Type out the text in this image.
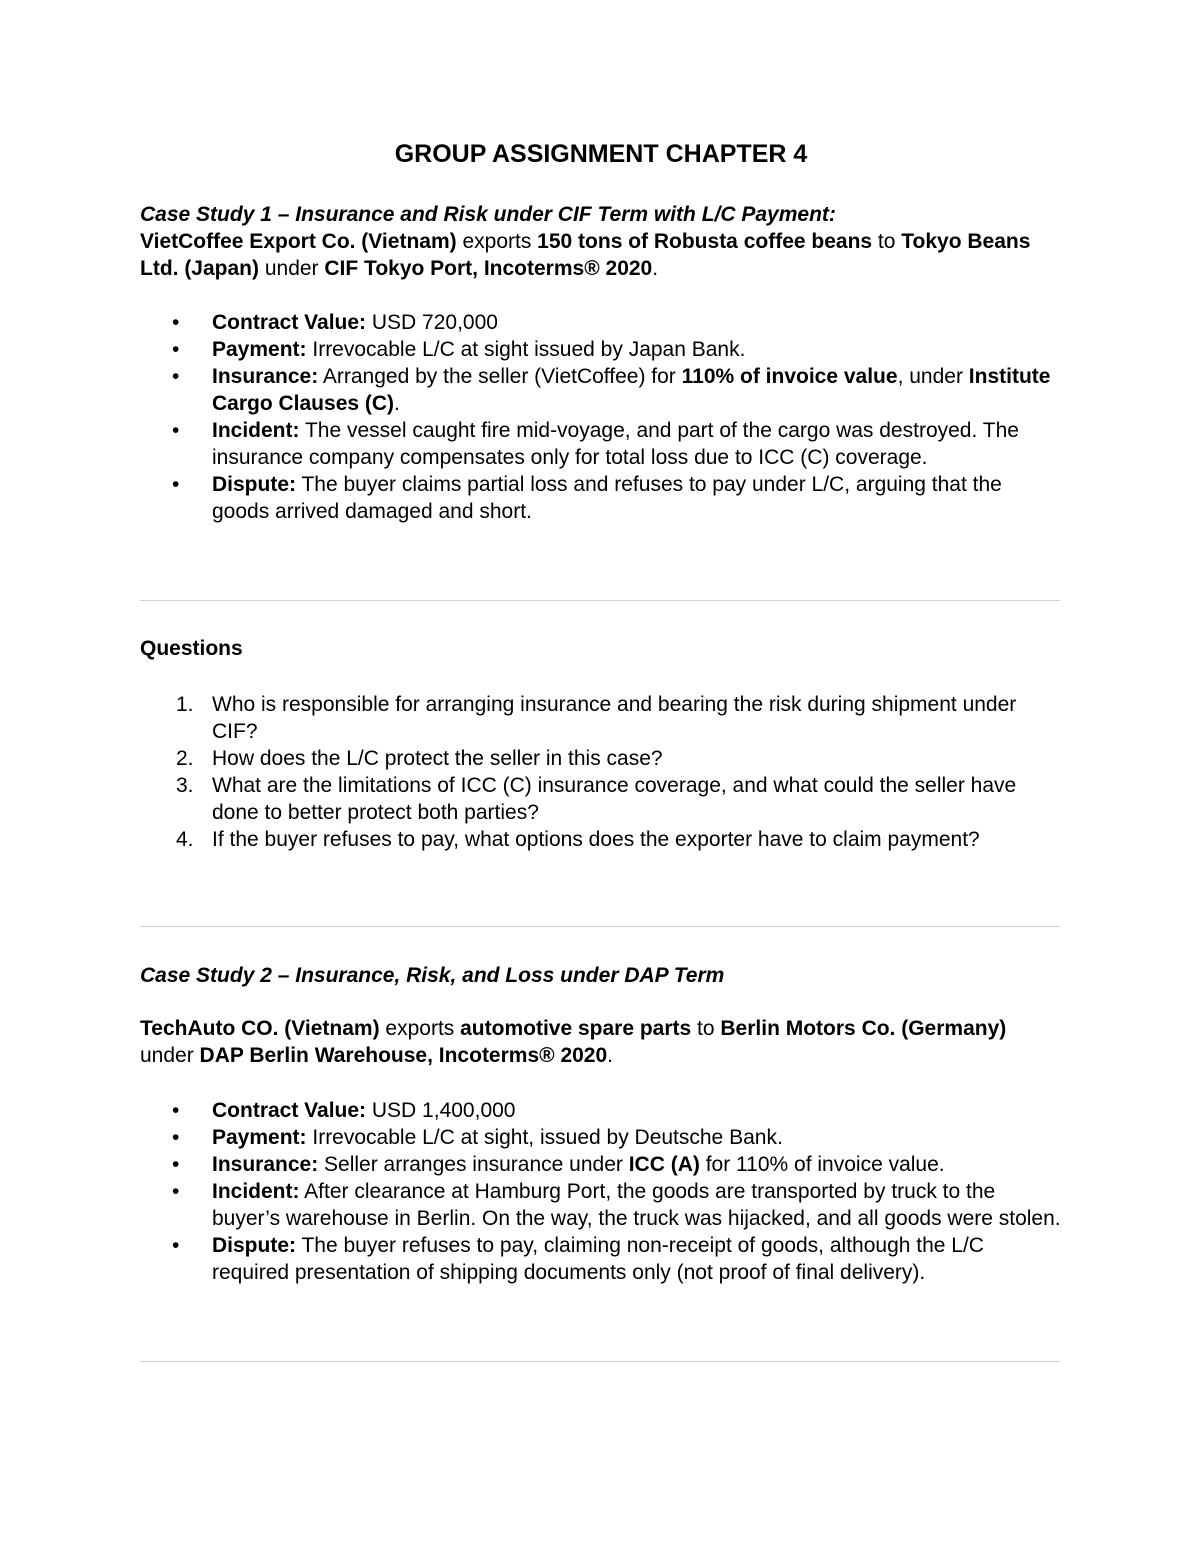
GROUP ASSIGNMENT CHAPTER 4
Case Study 1 – Insurance and Risk under CIF Term with L/C Payment:
VietCoffee Export Co. (Vietnam) exports 150 tons of Robusta coffee beans to Tokyo Beans Ltd. (Japan) under CIF Tokyo Port, Incoterms® 2020.
• Contract Value: USD 720,000
• Payment: Irrevocable L/C at sight issued by Japan Bank.
• Insurance: Arranged by the seller (VietCoffee) for 110% of invoice value, under Institute Cargo Clauses (C).
• Incident: The vessel caught fire mid-voyage, and part of the cargo was destroyed. The insurance company compensates only for total loss due to ICC (C) coverage.
• Dispute: The buyer claims partial loss and refuses to pay under L/C, arguing that the goods arrived damaged and short.
Questions
1. Who is responsible for arranging insurance and bearing the risk during shipment under CIF?
2. How does the L/C protect the seller in this case?
3. What are the limitations of ICC (C) insurance coverage, and what could the seller have done to better protect both parties?
4. If the buyer refuses to pay, what options does the exporter have to claim payment?
Case Study 2 – Insurance, Risk, and Loss under DAP Term
TechAuto CO. (Vietnam) exports automotive spare parts to Berlin Motors Co. (Germany) under DAP Berlin Warehouse, Incoterms® 2020.
• Contract Value: USD 1,400,000
• Payment: Irrevocable L/C at sight, issued by Deutsche Bank.
• Insurance: Seller arranges insurance under ICC (A) for 110% of invoice value.
• Incident: After clearance at Hamburg Port, the goods are transported by truck to the buyer’s warehouse in Berlin. On the way, the truck was hijacked, and all goods were stolen.
• Dispute: The buyer refuses to pay, claiming non-receipt of goods, although the L/C required presentation of shipping documents only (not proof of final delivery).
